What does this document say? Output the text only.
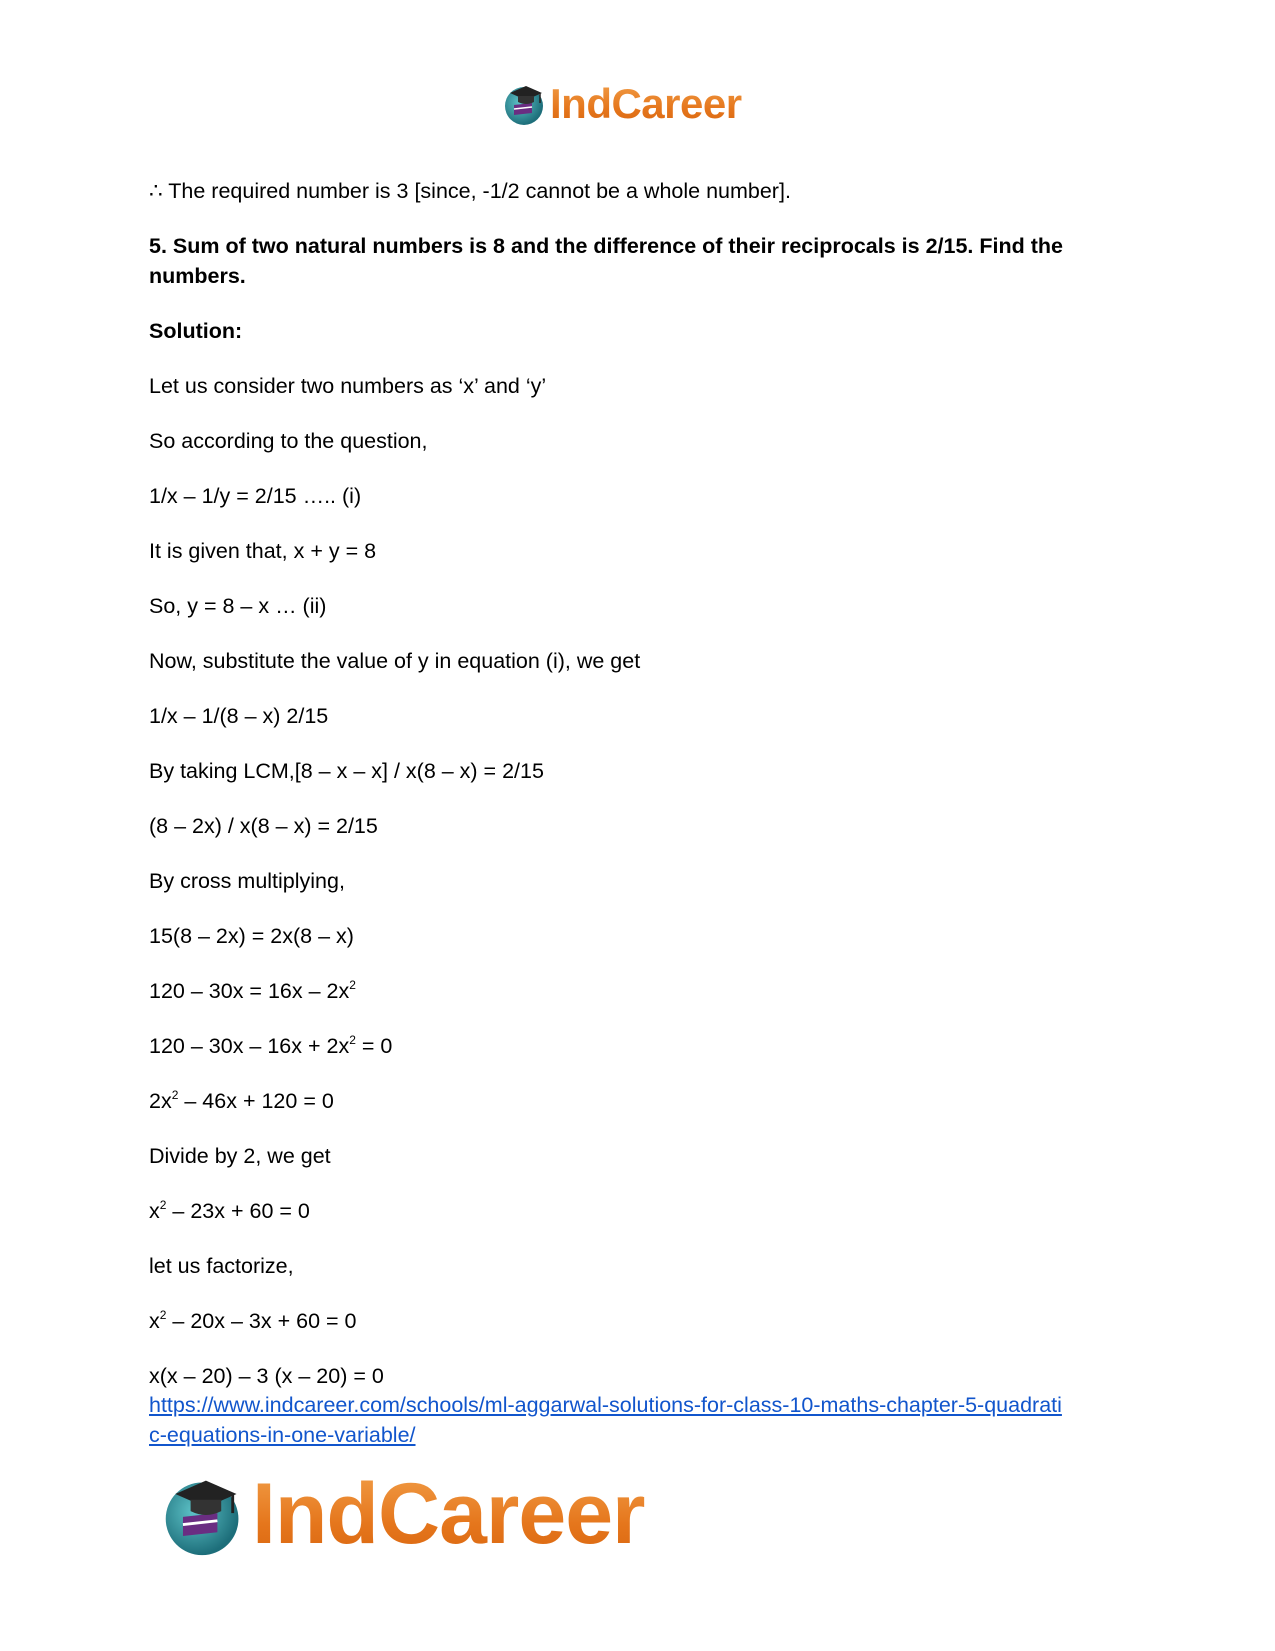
IndCareer

∴ The required number is 3 [since, -1/2 cannot be a whole number].

5. Sum of two natural numbers is 8 and the difference of their reciprocals is 2/15. Find the numbers.

Solution:

Let us consider two numbers as ‘x’ and ‘y’

So according to the question,

1/x – 1/y = 2/15 ….. (i)

It is given that, x + y = 8

So, y = 8 – x … (ii)

Now, substitute the value of y in equation (i), we get

1/x – 1/(8 – x) 2/15

By taking LCM,[8 – x – x] / x(8 – x) = 2/15

(8 – 2x) / x(8 – x) = 2/15

By cross multiplying,

15(8 – 2x) = 2x(8 – x)

$120 - 30x = 16x - 2x^2$

$120 - 30x - 16x + 2x^2 = 0$

$2x^2 - 46x + 120 = 0$

Divide by 2, we get

$x^2 - 23x + 60 = 0$

let us factorize,

$x^2 - 20x - 3x + 60 = 0$

x(x – 20) – 3 (x – 20) = 0

https://www.indcareer.com/schools/ml-aggarwal-solutions-for-class-10-maths-chapter-5-quadrati
c-equations-in-one-variable/
IndCareer
